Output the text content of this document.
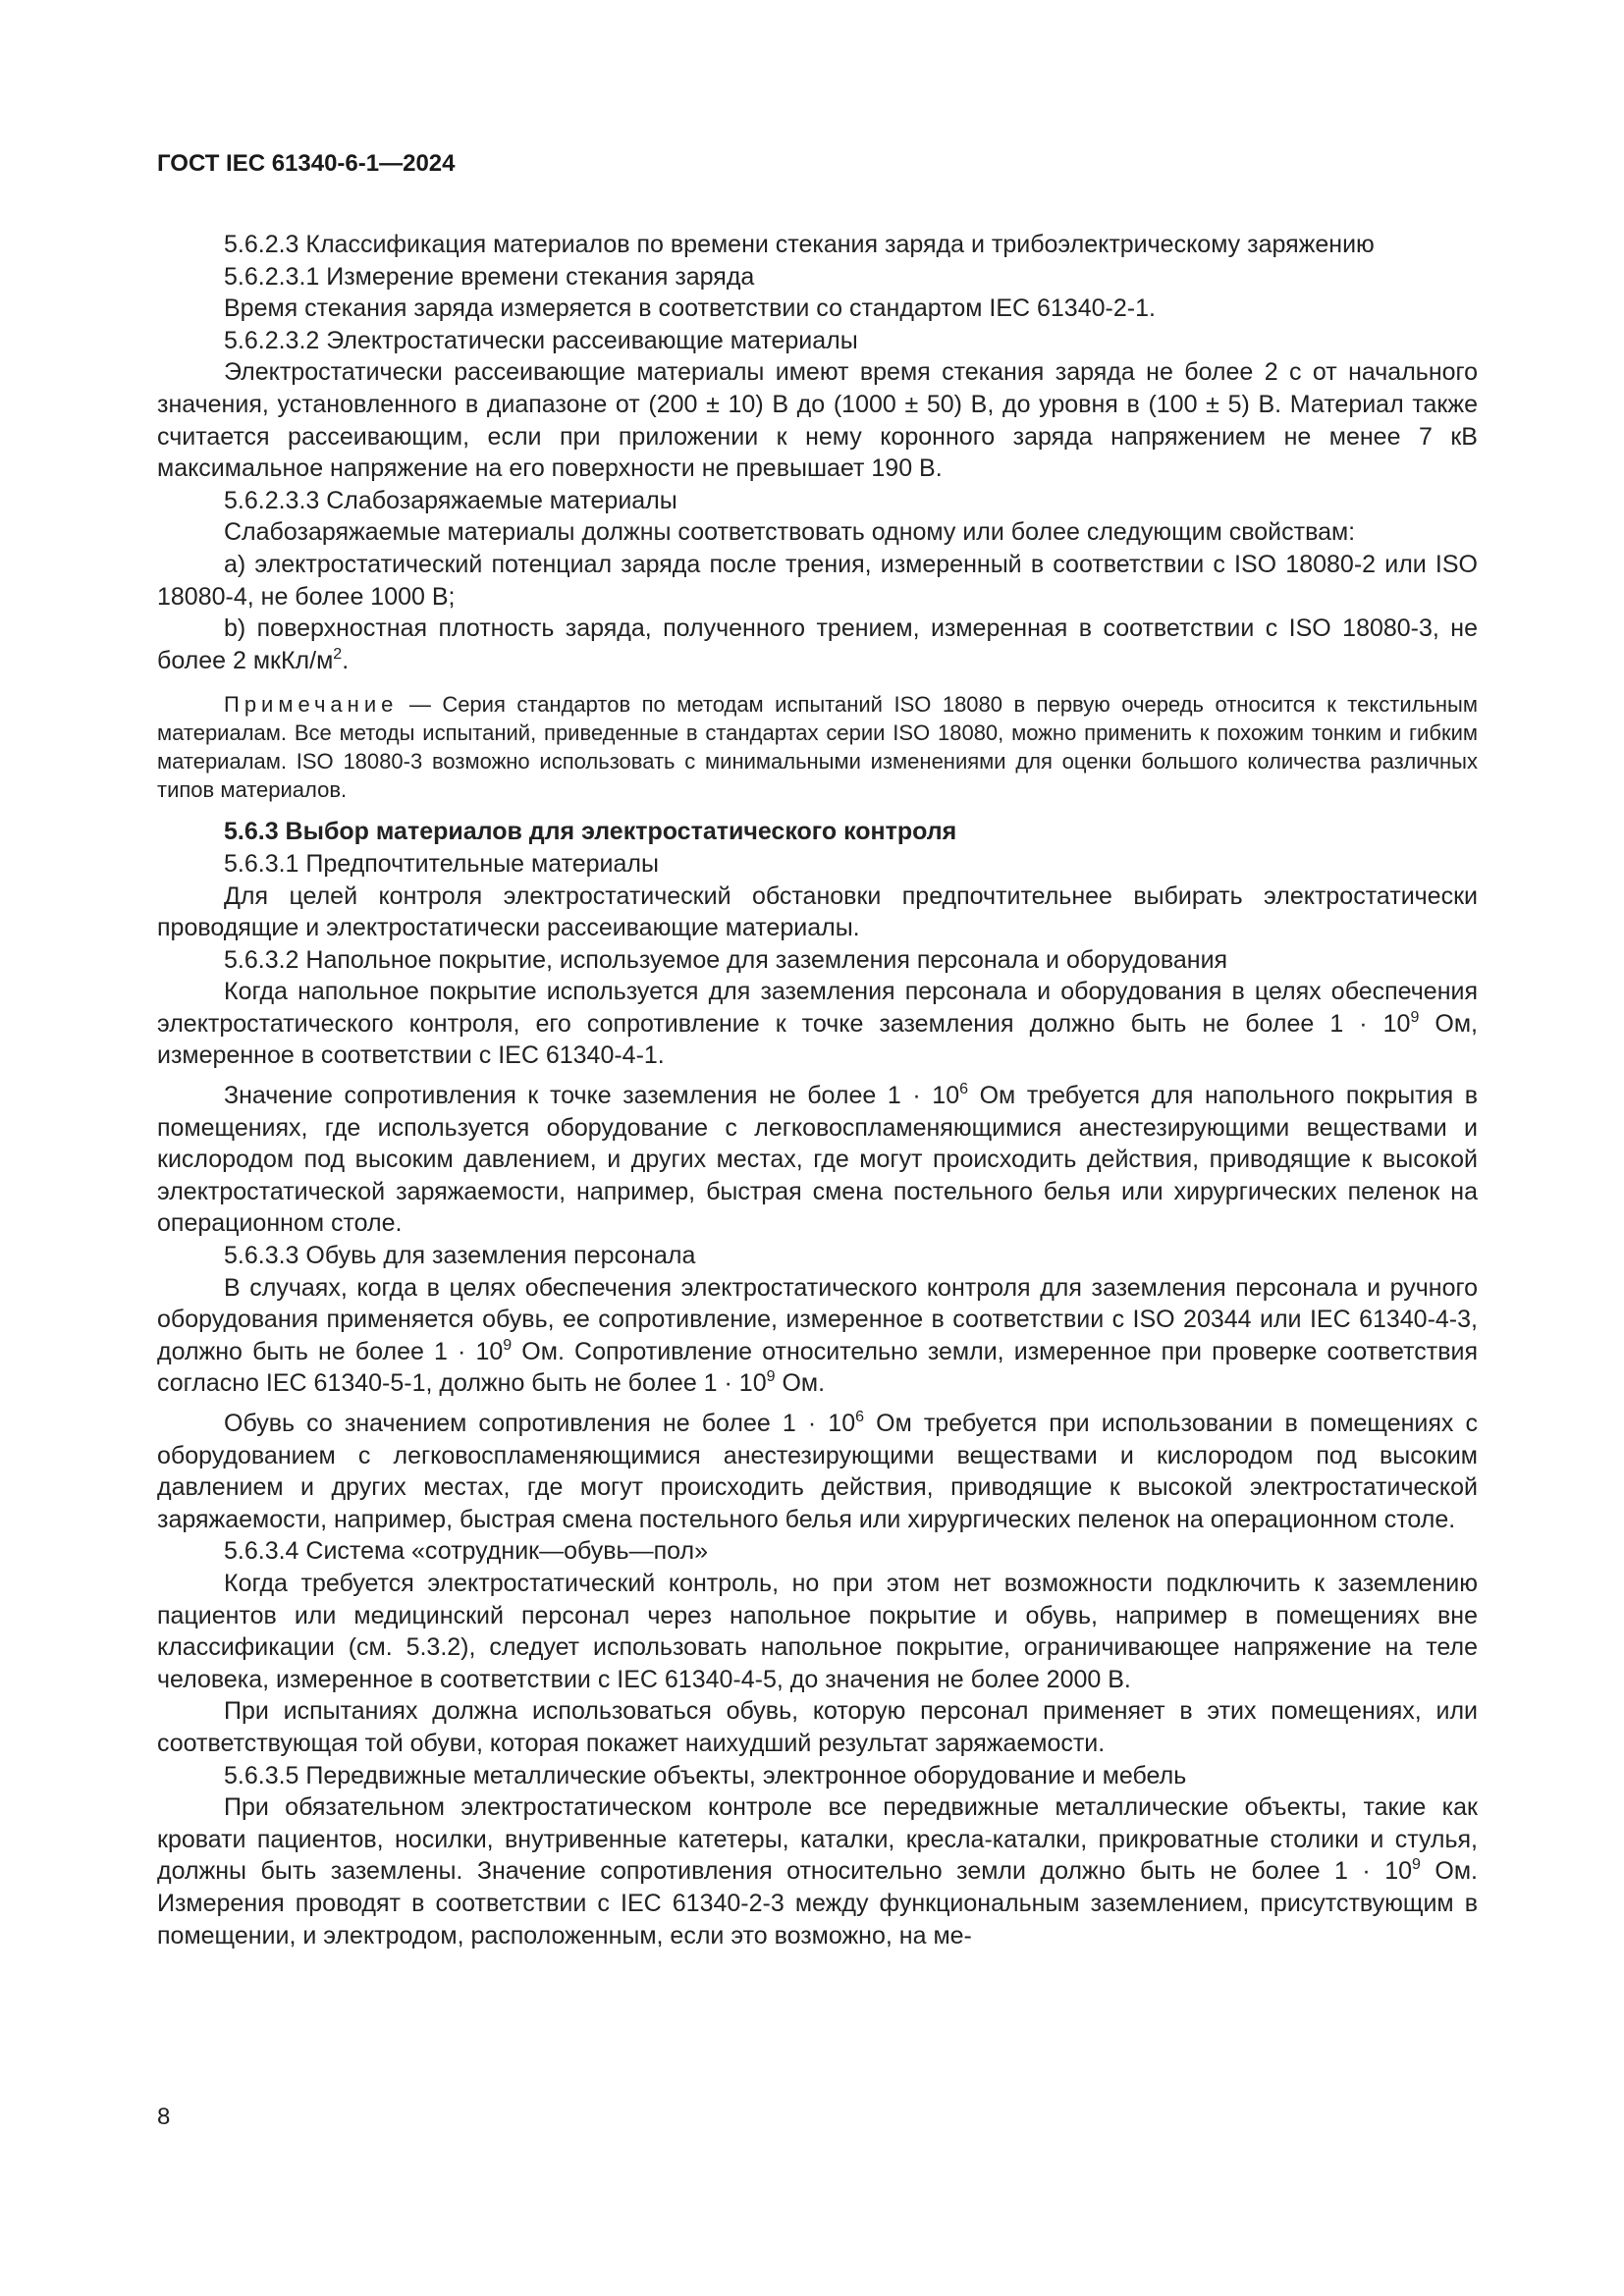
ГОСТ IEC 61340-6-1—2024

5.6.2.3 Классификация материалов по времени стекания заряда и трибоэлектрическому заряжению

5.6.2.3.1 Измерение времени стекания заряда

Время стекания заряда измеряется в соответствии со стандартом IEC 61340-2-1.

5.6.2.3.2 Электростатически рассеивающие материалы

Электростатически рассеивающие материалы имеют время стекания заряда не более 2 с от начального значения, установленного в диапазоне от (200 ± 10) В до (1000 ± 50) В, до уровня в (100 ± 5) В. Материал также считается рассеивающим, если при приложении к нему коронного заряда напряжением не менее 7 кВ максимальное напряжение на его поверхности не превышает 190 В.

5.6.2.3.3 Слабозаряжаемые материалы

Слабозаряжаемые материалы должны соответствовать одному или более следующим свойствам:

a) электростатический потенциал заряда после трения, измеренный в соответствии с ISO 18080-2 или ISO 18080-4, не более 1000 В;

b) поверхностная плотность заряда, полученного трением, измеренная в соответствии с ISO 18080-3, не более 2 мкКл/$м^2$.

Примечание — Серия стандартов по методам испытаний ISO 18080 в первую очередь относится к текстильным материалам. Все методы испытаний, приведенные в стандартах серии ISO 18080, можно применить к похожим тонким и гибким материалам. ISO 18080-3 возможно использовать с минимальными изменениями для оценки большого количества различных типов материалов.

5.6.3 Выбор материалов для электростатического контроля

5.6.3.1 Предпочтительные материалы

Для целей контроля электростатический обстановки предпочтительнее выбирать электростатически проводящие и электростатически рассеивающие материалы.

5.6.3.2 Напольное покрытие, используемое для заземления персонала и оборудования

Когда напольное покрытие используется для заземления персонала и оборудования в целях обеспечения электростатического контроля, его сопротивление к точке заземления должно быть не более $1 \cdot 10^9$ Ом, измеренное в соответствии с IEC 61340-4-1.

Значение сопротивления к точке заземления не более $1 \cdot 10^6$ Ом требуется для напольного покрытия в помещениях, где используется оборудование с легковоспламеняющимися анестезирующими веществами и кислородом под высоким давлением, и других местах, где могут происходить действия, приводящие к высокой электростатической заряжаемости, например, быстрая смена постельного белья или хирургических пеленок на операционном столе.

5.6.3.3 Обувь для заземления персонала

В случаях, когда в целях обеспечения электростатического контроля для заземления персонала и ручного оборудования применяется обувь, ее сопротивление, измеренное в соответствии с ISO 20344 или IEC 61340-4-3, должно быть не более $1 \cdot 10^9$ Ом. Сопротивление относительно земли, измеренное при проверке соответствия согласно IEC 61340-5-1, должно быть не более $1 \cdot 10^9$ Ом.

Обувь со значением сопротивления не более $1 \cdot 10^6$ Ом требуется при использовании в помещениях с оборудованием с легковоспламеняющимися анестезирующими веществами и кислородом под высоким давлением и других местах, где могут происходить действия, приводящие к высокой электростатической заряжаемости, например, быстрая смена постельного белья или хирургических пеленок на операционном столе.

5.6.3.4 Система «сотрудник—обувь—пол»

Когда требуется электростатический контроль, но при этом нет возможности подключить к заземлению пациентов или медицинский персонал через напольное покрытие и обувь, например в помещениях вне классификации (см. 5.3.2), следует использовать напольное покрытие, ограничивающее напряжение на теле человека, измеренное в соответствии с IEC 61340-4-5, до значения не более 2000 В.

При испытаниях должна использоваться обувь, которую персонал применяет в этих помещениях, или соответствующая той обуви, которая покажет наихудший результат заряжаемости.

5.6.3.5 Передвижные металлические объекты, электронное оборудование и мебель

При обязательном электростатическом контроле все передвижные металлические объекты, такие как кровати пациентов, носилки, внутривенные катетеры, каталки, кресла-каталки, прикроватные столики и стулья, должны быть заземлены. Значение сопротивления относительно земли должно быть не более $1 \cdot 10^9$ Ом. Измерения проводят в соответствии с IEC 61340-2-3 между функциональным заземлением, присутствующим в помещении, и электродом, расположенным, если это возможно, на ме-

8
